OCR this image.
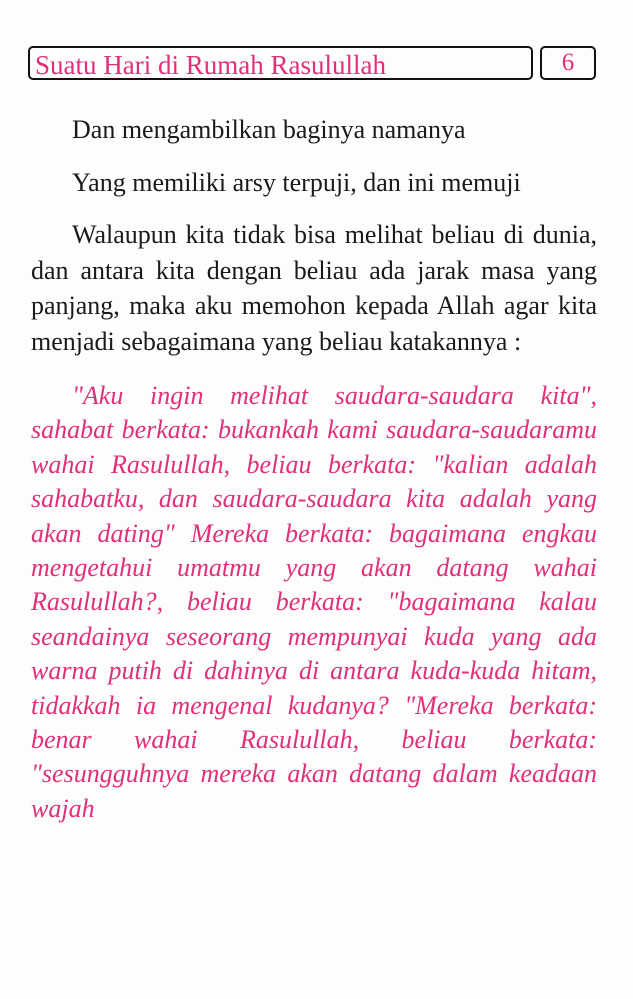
Suatu Hari di Rumah Rasulullah	6

Dan mengambilkan baginya namanya

Yang memiliki arsy terpuji, dan ini memuji

Walaupun kita tidak bisa melihat beliau di dunia, dan antara kita dengan beliau ada jarak masa yang panjang, maka aku memohon kepada Allah agar kita menjadi sebagaimana yang beliau katakannya :

"Aku ingin melihat saudara-saudara kita", sahabat berkata: bukankah kami saudara-saudaramu wahai Rasulullah, beliau berkata: "kalian adalah sahabatku, dan saudara-saudara kita adalah yang akan dating" Mereka berkata: bagaimana engkau mengetahui umatmu yang akan datang wahai Rasulullah?, beliau berkata: "bagaimana kalau seandainya seseorang mempunyai kuda yang ada warna putih di dahinya di antara kuda-kuda hitam, tidakkah ia mengenal kudanya? "Mereka berkata: benar wahai Rasulullah, beliau berkata: "sesungguhnya mereka akan datang dalam keadaan wajah
